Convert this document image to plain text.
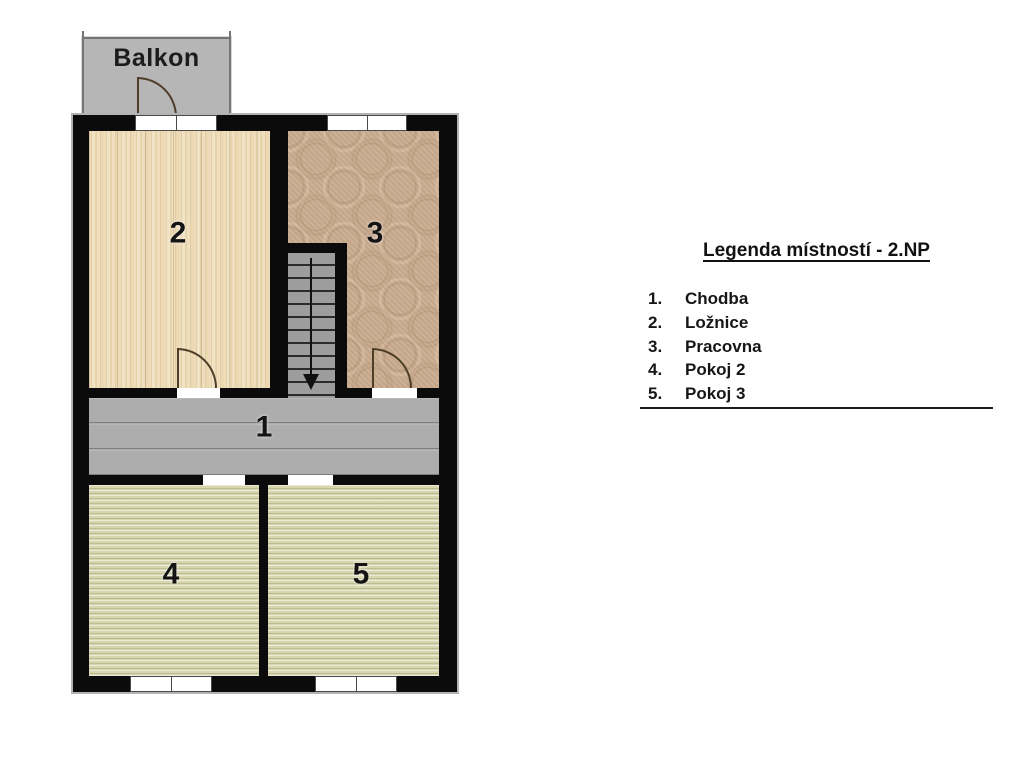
Balkon
2	3
1
4	5
Legenda místností - 2.NP
1.	Chodba
2.	Ložnice
3.	Pracovna
4.	Pokoj 2
5.	Pokoj 3
